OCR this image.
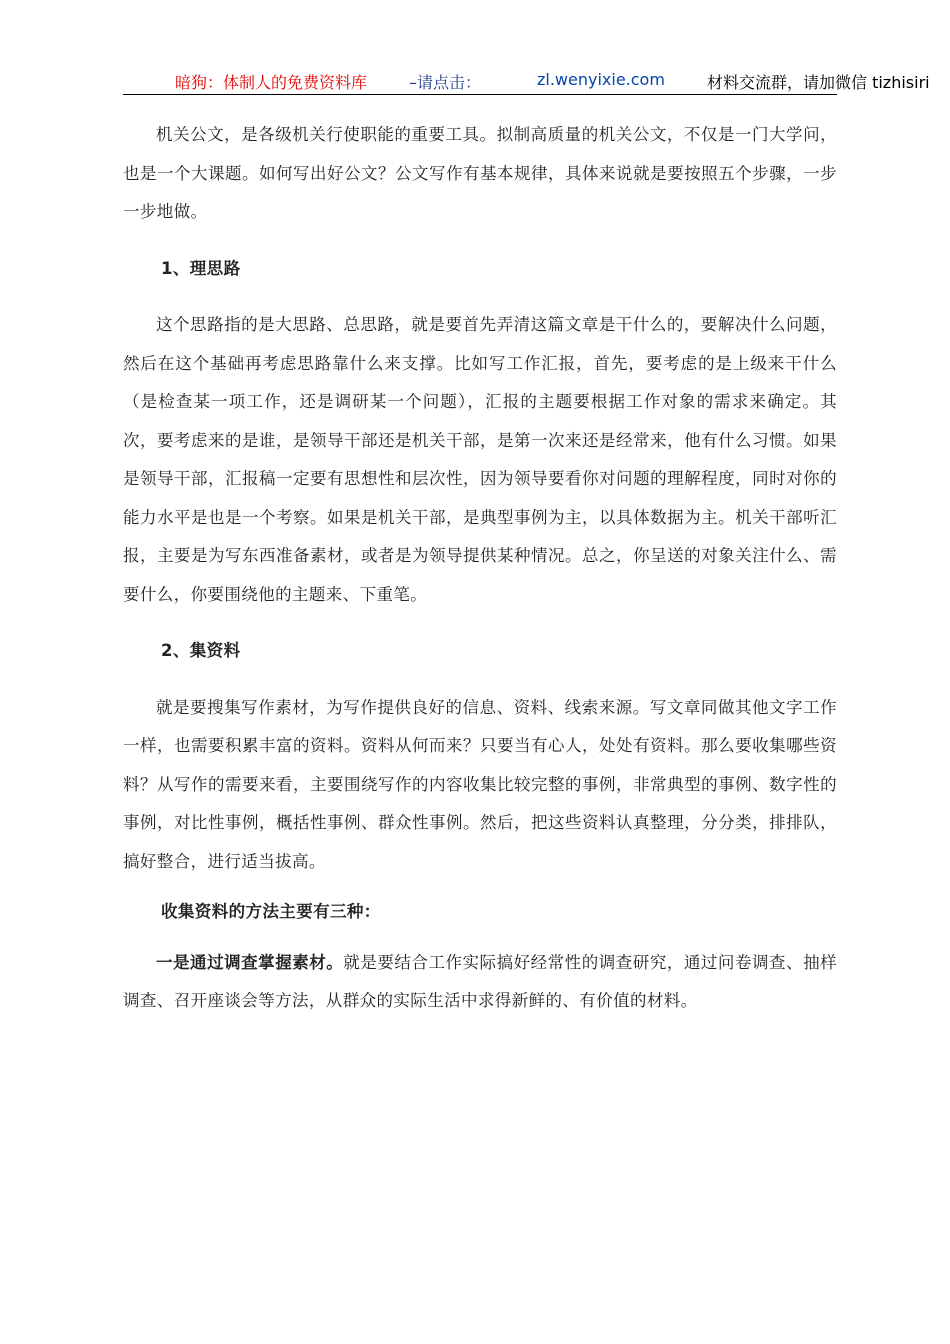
暗狗：体制人的免费资料库	–请点击：	zl.wenyixie.com	材料交流群，请加微信 tizhisiri

机关公文，是各级机关行使职能的重要工具。拟制高质量的机关公文，不仅是一门大学问，也是一个大课题。如何写出好公文？公文写作有基本规律，具体来说就是要按照五个步骤，一步一步地做。

1、理思路

这个思路指的是大思路、总思路，就是要首先弄清这篇文章是干什么的，要解决什么问题，然后在这个基础再考虑思路靠什么来支撑。比如写工作汇报，首先，要考虑的是上级来干什么（是检查某一项工作，还是调研某一个问题），汇报的主题要根据工作对象的需求来确定。其次，要考虑来的是谁，是领导干部还是机关干部，是第一次来还是经常来，他有什么习惯。如果是领导干部，汇报稿一定要有思想性和层次性，因为领导要看你对问题的理解程度，同时对你的能力水平是也是一个考察。如果是机关干部，是典型事例为主，以具体数据为主。机关干部听汇报，主要是为写东西准备素材，或者是为领导提供某种情况。总之，你呈送的对象关注什么、需要什么，你要围绕他的主题来、下重笔。

2、集资料

就是要搜集写作素材，为写作提供良好的信息、资料、线索来源。写文章同做其他文字工作一样，也需要积累丰富的资料。资料从何而来？只要当有心人，处处有资料。那么要收集哪些资料？从写作的需要来看，主要围绕写作的内容收集比较完整的事例，非常典型的事例、数字性的事例，对比性事例，概括性事例、群众性事例。然后，把这些资料认真整理，分分类，排排队，搞好整合，进行适当拔高。

收集资料的方法主要有三种：

一是通过调查掌握素材。就是要结合工作实际搞好经常性的调查研究，通过问卷调查、抽样调查、召开座谈会等方法，从群众的实际生活中求得新鲜的、有价值的材料。
